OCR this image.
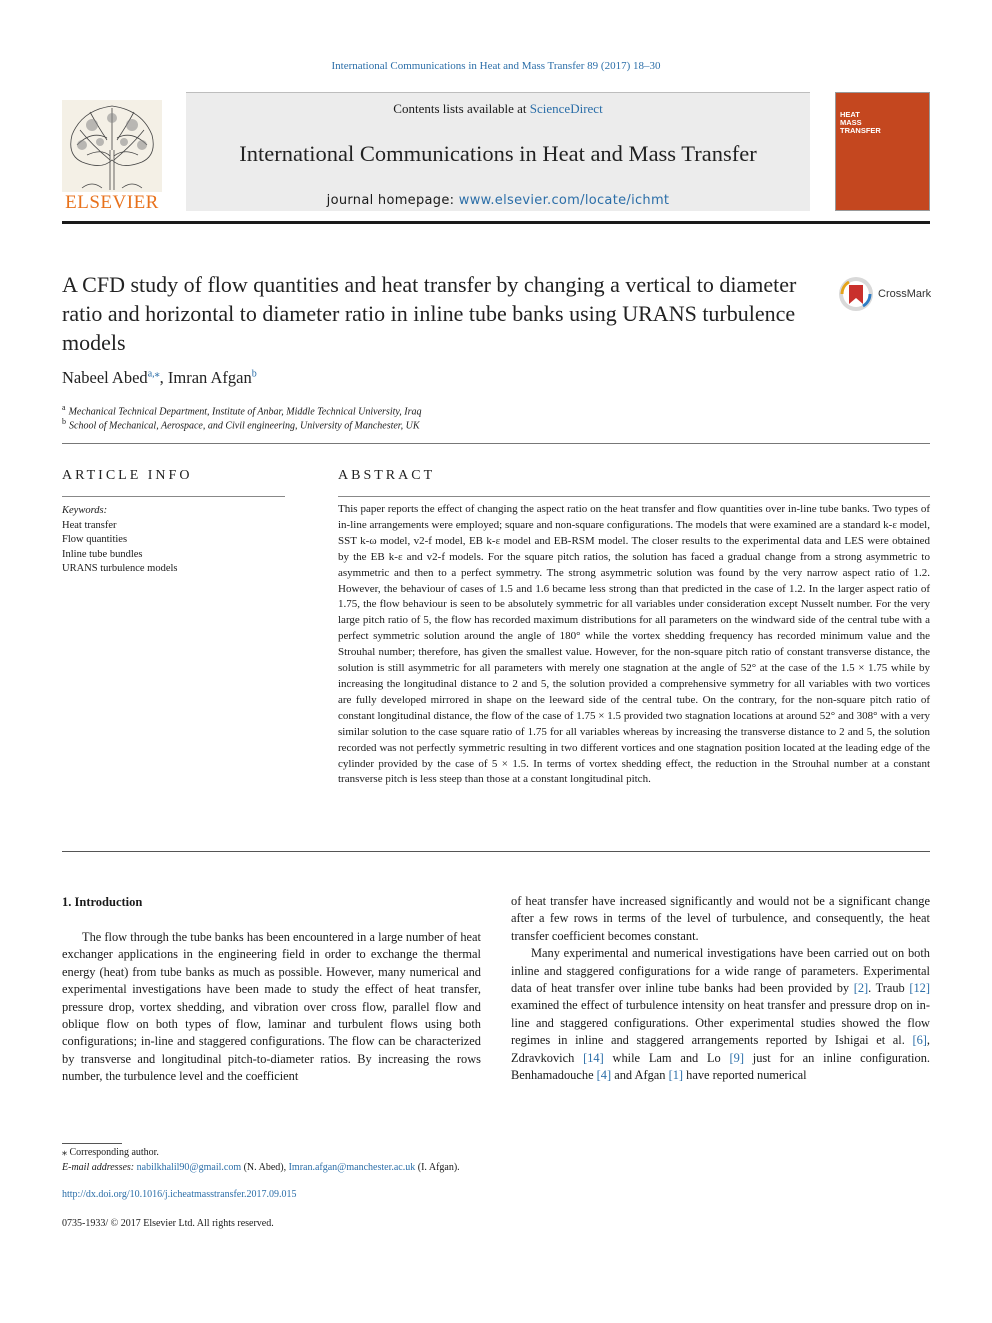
International Communications in Heat and Mass Transfer 89 (2017) 18–30
ELSEVIER
Contents lists available at ScienceDirect
International Communications in Heat and Mass Transfer
journal homepage: www.elsevier.com/locate/ichmt
HEAT
MASS
TRANSFER
A CFD study of flow quantities and heat transfer by changing a vertical to diameter ratio and horizontal to diameter ratio in inline tube banks using URANS turbulence models
CrossMark
Nabeel Abed$^{a,⁎}$, Imran Afgan$^b$
$^a$ Mechanical Technical Department, Institute of Anbar, Middle Technical University, Iraq
$^b$ School of Mechanical, Aerospace, and Civil engineering, University of Manchester, UK
ARTICLE INFO	ABSTRACT
Keywords:
Heat transfer
Flow quantities
Inline tube bundles
URANS turbulence models
This paper reports the effect of changing the aspect ratio on the heat transfer and flow quantities over in-line tube banks. Two types of in-line arrangements were employed; square and non-square configurations. The models that were examined are a standard k-ε model, SST k-ω model, v2-f model, EB k-ε model and EB-RSM model. The closer results to the experimental data and LES were obtained by the EB k-ε and v2-f models. For the square pitch ratios, the solution has faced a gradual change from a strong asymmetric to asymmetric and then to a perfect symmetry. The strong asymmetric solution was found by the very narrow aspect ratio of 1.2. However, the behaviour of cases of 1.5 and 1.6 became less strong than that predicted in the case of 1.2. In the larger aspect ratio of 1.75, the flow behaviour is seen to be absolutely symmetric for all variables under consideration except Nusselt number. For the very large pitch ratio of 5, the flow has recorded maximum distributions for all parameters on the windward side of the central tube with a perfect symmetric solution around the angle of 180° while the vortex shedding frequency has recorded minimum value and the Strouhal number; therefore, has given the smallest value. However, for the non-square pitch ratio of constant transverse distance, the solution is still asymmetric for all parameters with merely one stagnation at the angle of 52° at the case of the 1.5 × 1.75 while by increasing the longitudinal distance to 2 and 5, the solution provided a comprehensive symmetry for all variables with two vortices are fully developed mirrored in shape on the leeward side of the central tube. On the contrary, for the non-square pitch ratio of constant longitudinal distance, the flow of the case of 1.75 × 1.5 provided two stagnation locations at around 52° and 308° with a very similar solution to the case square ratio of 1.75 for all variables whereas by increasing the transverse distance to 2 and 5, the solution recorded was not perfectly symmetric resulting in two different vortices and one stagnation position located at the leading edge of the cylinder provided by the case of 5 × 1.5. In terms of vortex shedding effect, the reduction in the Strouhal number at a constant transverse pitch is less steep than those at a constant longitudinal pitch.
1. Introduction

The flow through the tube banks has been encountered in a large number of heat exchanger applications in the engineering field in order to exchange the thermal energy (heat) from tube banks as much as possible. However, many numerical and experimental investigations have been made to study the effect of heat transfer, pressure drop, vortex shedding, and vibration over cross flow, parallel flow and oblique flow on both types of flow, laminar and turbulent flows using both configurations; in-line and staggered configurations. The flow can be characterized by transverse and longitudinal pitch-to-diameter ratios. By increasing the rows number, the turbulence level and the coefficient

of heat transfer have increased significantly and would not be a significant change after a few rows in terms of the level of turbulence, and consequently, the heat transfer coefficient becomes constant.

Many experimental and numerical investigations have been carried out on both inline and staggered configurations for a wide range of parameters. Experimental data of heat transfer over inline tube banks had been provided by [2]. Traub [12] examined the effect of turbulence intensity on heat transfer and pressure drop on in-line and staggered configurations. Other experimental studies showed the flow regimes in inline and staggered arrangements reported by Ishigai et al. [6], Zdravkovich [14] while Lam and Lo [9] just for an inline configuration. Benhamadouche [4] and Afgan [1] have reported numerical

⁎ Corresponding author.
E-mail addresses: nabilkhalil90@gmail.com (N. Abed), Imran.afgan@manchester.ac.uk (I. Afgan).
http://dx.doi.org/10.1016/j.icheatmasstransfer.2017.09.015
0735-1933/ © 2017 Elsevier Ltd. All rights reserved.
